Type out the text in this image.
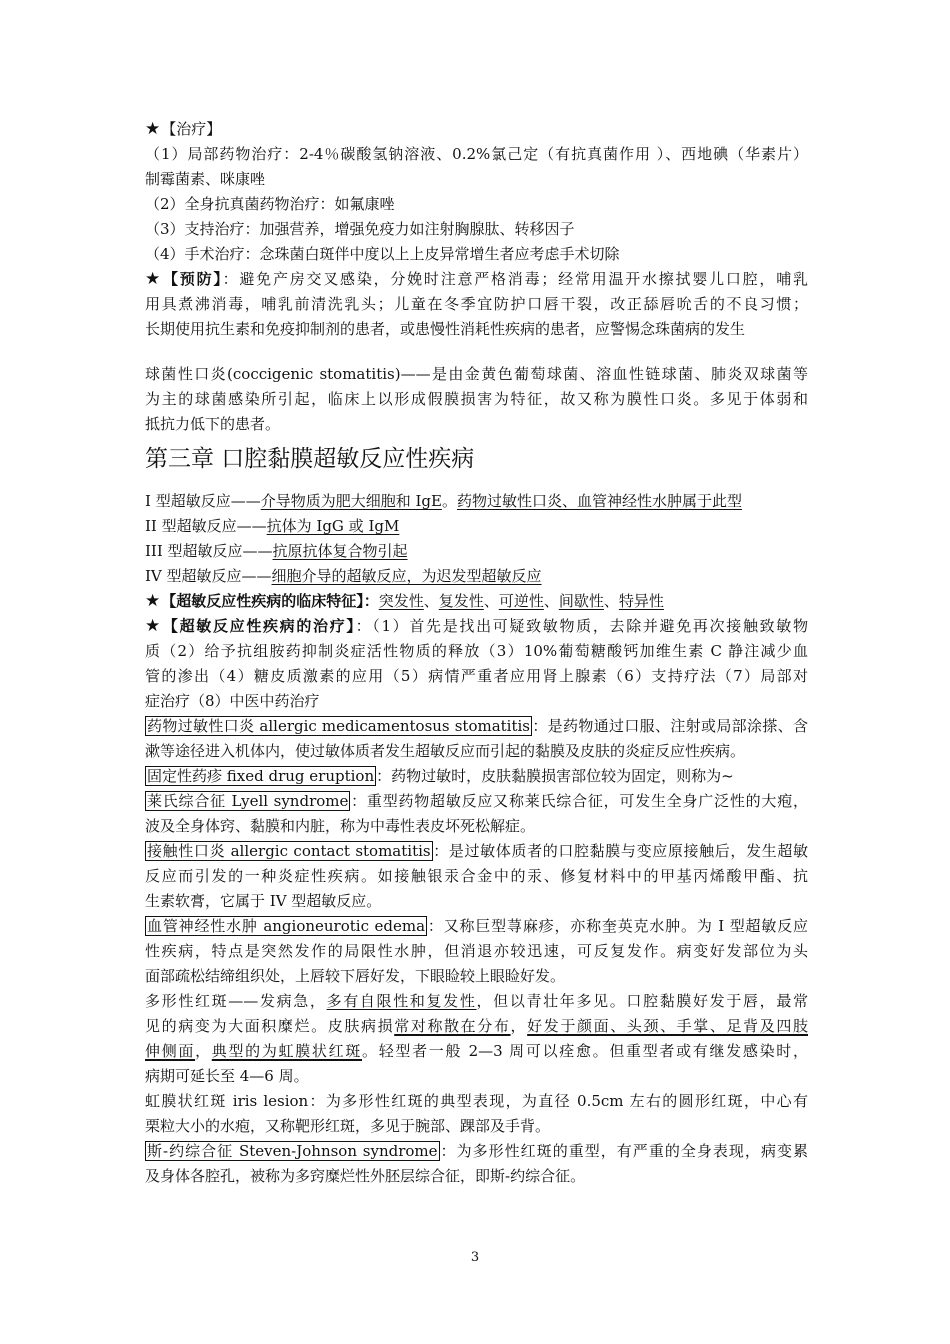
★【治疗】
（1）局部药物治疗：2-4％碳酸氢钠溶液、0.2%氯己定（有抗真菌作用 ）、西地碘（华素片）
制霉菌素、咪康唑
（2）全身抗真菌药物治疗：如氟康唑
（3）支持治疗：加强营养，增强免疫力如注射胸腺肽、转移因子
（4）手术治疗：念珠菌白斑伴中度以上上皮异常增生者应考虑手术切除
★【预防】：避免产房交叉感染，分娩时注意严格消毒；经常用温开水擦拭婴儿口腔，哺乳
用具煮沸消毒，哺乳前清洗乳头；儿童在冬季宜防护口唇干裂，改正舔唇吮舌的不良习惯；
长期使用抗生素和免疫抑制剂的患者，或患慢性消耗性疾病的患者，应警惕念珠菌病的发生
球菌性口炎(coccigenic stomatitis)——是由金黄色葡萄球菌、溶血性链球菌、肺炎双球菌等
为主的球菌感染所引起，临床上以形成假膜损害为特征，故又称为膜性口炎。多见于体弱和
抵抗力低下的患者。
第三章 口腔黏膜超敏反应性疾病
I 型超敏反应——介导物质为肥大细胞和 IgE。药物过敏性口炎、血管神经性水肿属于此型
II 型超敏反应——抗体为 IgG 或 IgM
III 型超敏反应——抗原抗体复合物引起
IV 型超敏反应——细胞介导的超敏反应，为迟发型超敏反应
★【超敏反应性疾病的临床特征】：突发性、复发性、可逆性、间歇性、特异性
★【超敏反应性疾病的治疗】：（1）首先是找出可疑致敏物质，去除并避免再次接触致敏物
质（2）给予抗组胺药抑制炎症活性物质的释放（3）10%葡萄糖酸钙加维生素 C 静注减少血
管的渗出（4）糖皮质激素的应用（5）病情严重者应用肾上腺素（6）支持疗法（7）局部对
症治疗（8）中医中药治疗
药物过敏性口炎 allergic medicamentosus stomatitis ：是药物通过口服、注射或局部涂搽、含
漱等途径进入机体内，使过敏体质者发生超敏反应而引起的黏膜及皮肤的炎症反应性疾病。
固定性药疹 fixed drug eruption ：药物过敏时，皮肤黏膜损害部位较为固定，则称为~
莱氏综合征 Lyell syndrome ：重型药物超敏反应又称莱氏综合征，可发生全身广泛性的大疱，
波及全身体窍、黏膜和内脏，称为中毒性表皮坏死松解症。
接触性口炎 allergic contact stomatitis ：是过敏体质者的口腔黏膜与变应原接触后，发生超敏
反应而引发的一种炎症性疾病。如接触银汞合金中的汞、修复材料中的甲基丙烯酸甲酯、抗
生素软膏，它属于 IV 型超敏反应。
血管神经性水肿 angioneurotic edema ：又称巨型荨麻疹，亦称奎英克水肿。为 I 型超敏反应
性疾病，特点是突然发作的局限性水肿，但消退亦较迅速，可反复发作。病变好发部位为头
面部疏松结缔组织处，上唇较下唇好发，下眼睑较上眼睑好发。
多形性红斑——发病急，多有自限性和复发性，但以青壮年多见。口腔黏膜好发于唇，最常
见的病变为大面积糜烂。皮肤病损常对称散在分布，好发于颜面、头颈、手掌、足背及四肢
伸侧面，典型的为虹膜状红斑。轻型者一般 2—3 周可以痊愈。但重型者或有继发感染时，
病期可延长至 4—6 周。
虹膜状红斑 iris lesion：为多形性红斑的典型表现，为直径 0.5cm 左右的圆形红斑，中心有
栗粒大小的水疱，又称靶形红斑，多见于腕部、踝部及手背。
斯-约综合征 Steven-Johnson syndrome ：为多形性红斑的重型，有严重的全身表现，病变累
及身体各腔孔，被称为多窍糜烂性外胚层综合征，即斯-约综合征。
3
